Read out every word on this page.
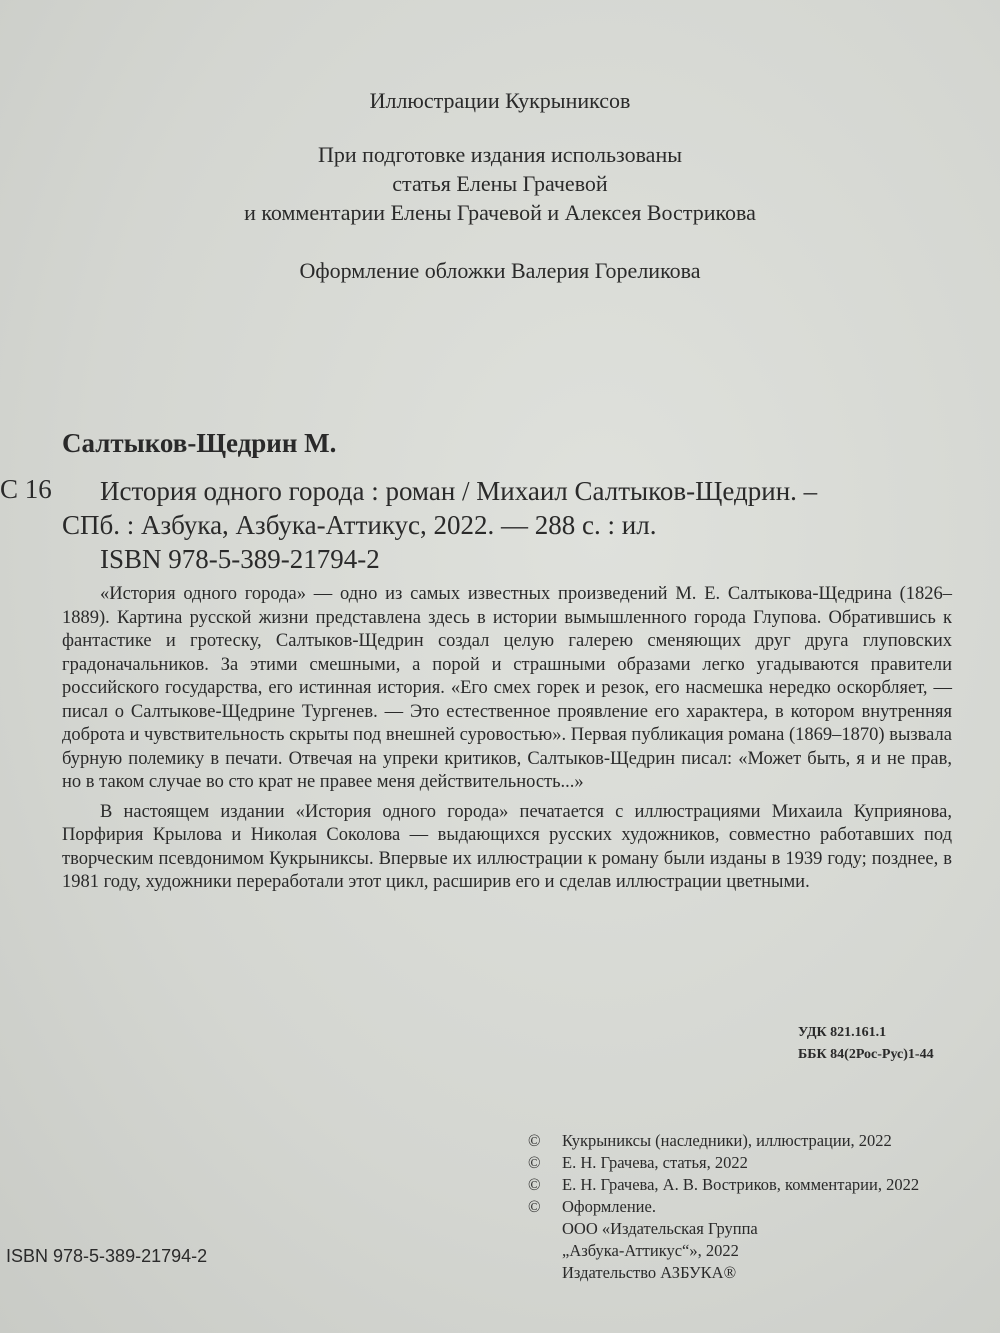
Иллюстрации Кукрыниксов

При подготовке издания использованы

статья Елены Грачевой

и комментарии Елены Грачевой и Алексея Вострикова

Оформление обложки Валерия Гореликова

Салтыков-Щедрин М.
С 16	История одного города : роман / Михаил Салтыков-Щедрин. –
СПб. : Азбука, Азбука-Аттикус, 2022. — 288 с. : ил.
ISBN 978-5-389-21794-2

«История одного города» — одно из самых известных произведений М. Е. Салтыкова-Щедрина (1826–1889). Картина русской жизни представлена здесь в истории вымышленного города Глупова. Обратившись к фантастике и гротеску, Салтыков-Щедрин создал целую галерею сменяющих друг друга глуповских градоначальников. За этими смешными, а порой и страшными образами легко угадываются правители российского государства, его истинная история. «Его смех горек и резок, его насмешка нередко оскорбляет, — писал о Салтыкове-Щедрине Тургенев. — Это естественное проявление его характера, в котором внутренняя доброта и чувствительность скрыты под внешней суровостью». Первая публикация романа (1869–1870) вызвала бурную полемику в печати. Отвечая на упреки критиков, Салтыков-Щедрин писал: «Может быть, я и не прав, но в таком случае во сто крат не правее меня действительность...»

В настоящем издании «История одного города» печатается с иллюстрациями Михаила Куприянова, Порфирия Крылова и Николая Соколова — выдающихся русских художников, совместно работавших под творческим псевдонимом Кукрыниксы. Впервые их иллюстрации к роману были изданы в 1939 году; позднее, в 1981 году, художники переработали этот цикл, расширив его и сделав иллюстрации цветными.

УДК 821.161.1
ББК 84(2Рос-Рус)1-44
©	Кукрыниксы (наследники), иллюстрации, 2022
©	Е. Н. Грачева, статья, 2022
©	Е. Н. Грачева, А. В. Востриков, комментарии, 2022
©	Оформление.
ООО «Издательская Группа
„Азбука-Аттикус“», 2022
Издательство АЗБУКА®
ISBN 978-5-389-21794-2
